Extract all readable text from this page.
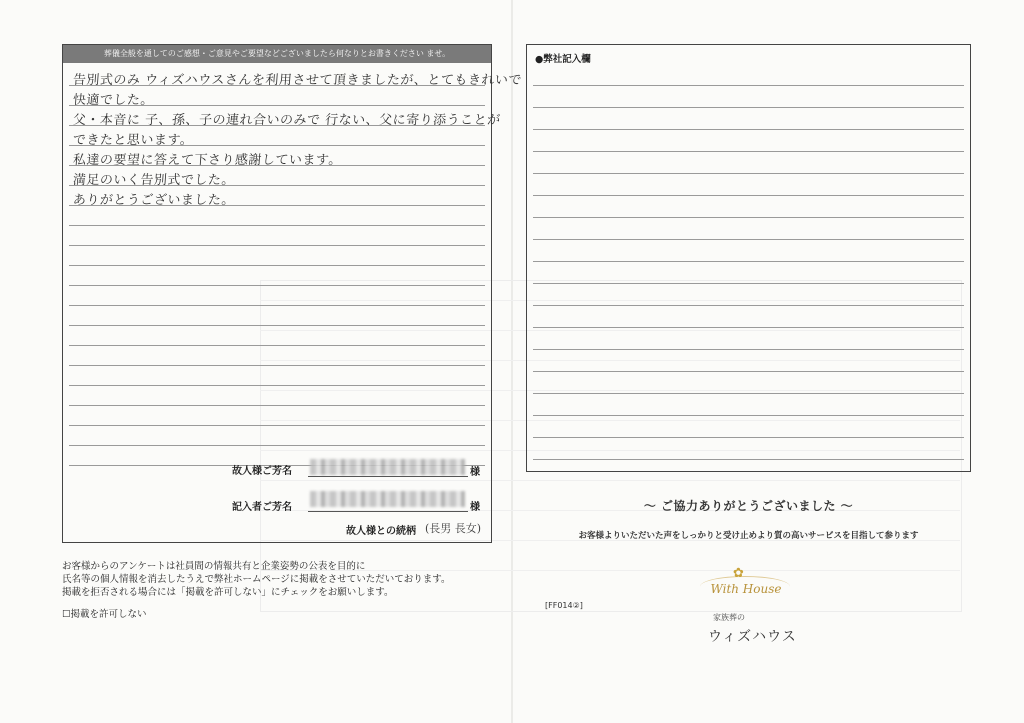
葬儀全般を通してのご感想・ご意見やご要望などございましたら何なりとお書きください ませ。
告別式のみ ウィズハウスさんを利用させて頂きましたが、とてもきれいで
快適でした。
父・本音に 子、孫、子の連れ合いのみで 行ない、父に寄り添うことが
できたと思います。
私達の要望に答えて下さり感謝しています。
満足のいく告別式でした。
ありがとうございました。
故人様ご芳名	様
記入者ご芳名	様
故人様との続柄 (長男 長女)
お客様からのアンケートは社員間の情報共有と企業姿勢の公表を目的に
氏名等の個人情報を消去したうえで弊社ホームページに掲載をさせていただいております。
掲載を拒否される場合には「掲載を許可しない」にチェックをお願いします。
☐掲載を許可しない
●弊社記入欄
～ ご協力ありがとうございました ～
お客様よりいただいた声をしっかりと受け止めより質の高いサービスを目指して参ります
[FF014②]
✿
With House
家族葬の
ウィズハウス
